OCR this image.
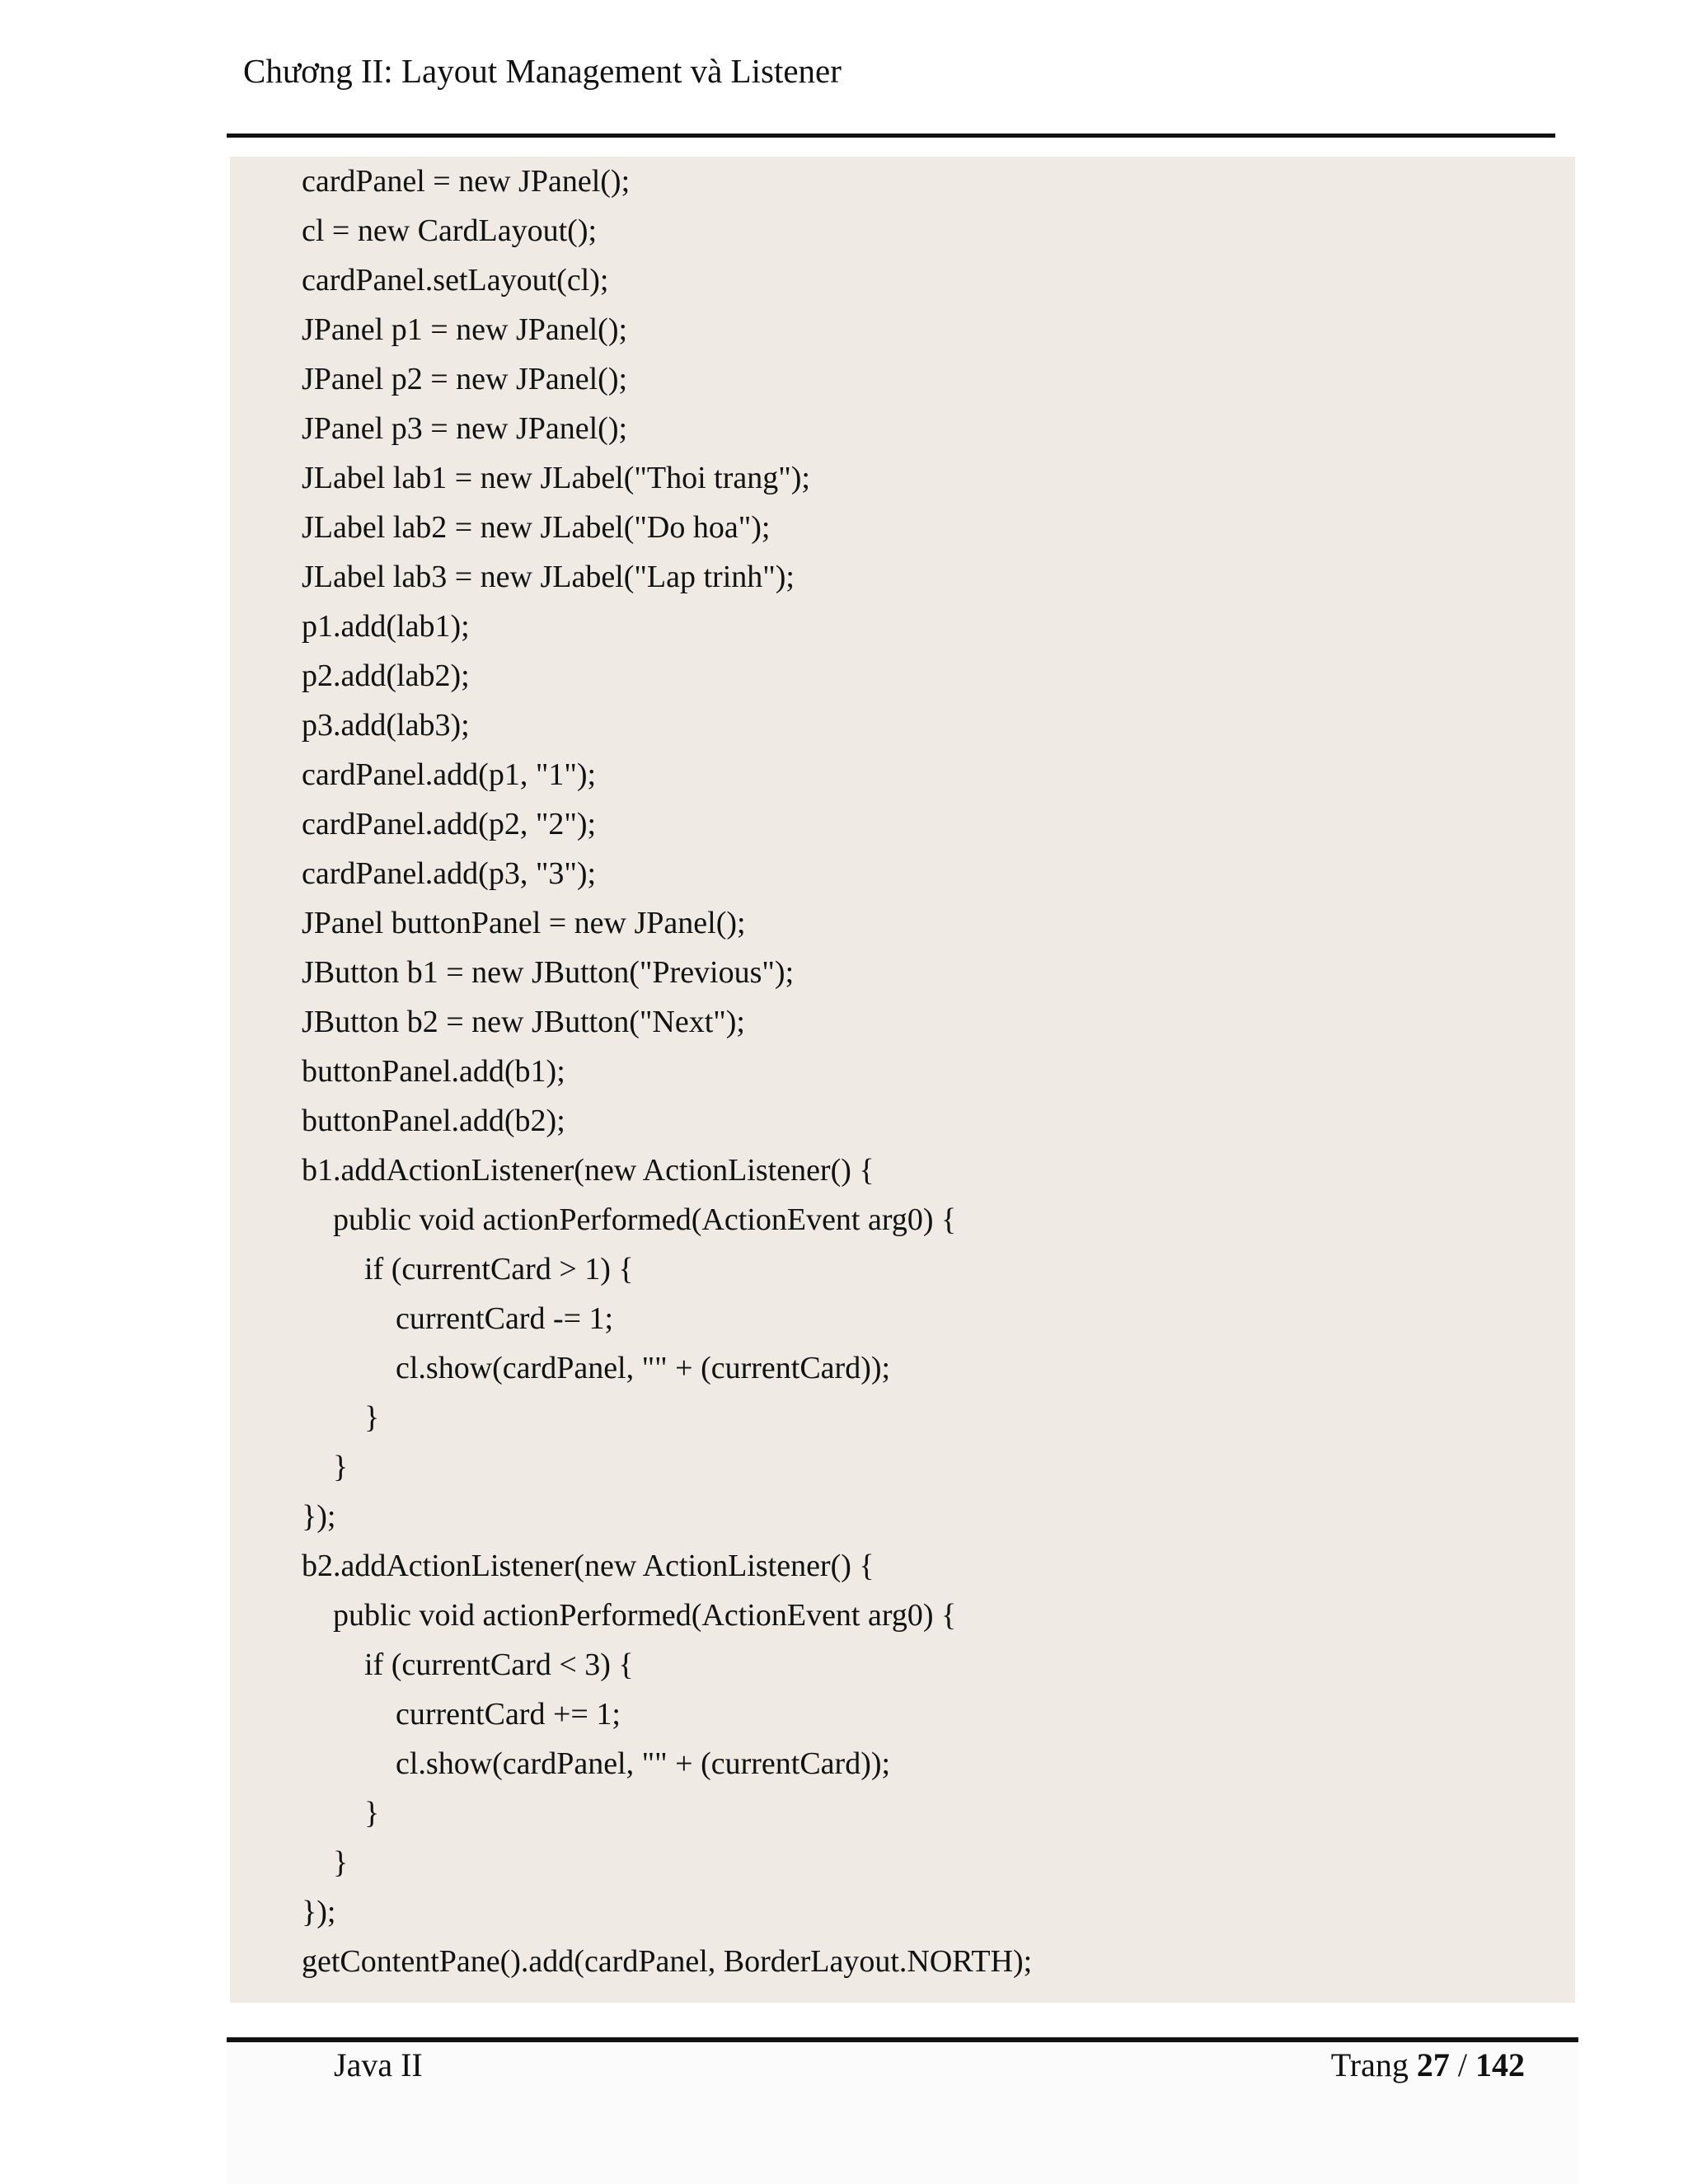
Chương II: Layout Management và Listener
cardPanel = new JPanel();
cl = new CardLayout();
cardPanel.setLayout(cl);
JPanel p1 = new JPanel();
JPanel p2 = new JPanel();
JPanel p3 = new JPanel();
JLabel lab1 = new JLabel("Thoi trang");
JLabel lab2 = new JLabel("Do hoa");
JLabel lab3 = new JLabel("Lap trinh");
p1.add(lab1);
p2.add(lab2);
p3.add(lab3);
cardPanel.add(p1, "1");
cardPanel.add(p2, "2");
cardPanel.add(p3, "3");
JPanel buttonPanel = new JPanel();
JButton b1 = new JButton("Previous");
JButton b2 = new JButton("Next");
buttonPanel.add(b1);
buttonPanel.add(b2);
b1.addActionListener(new ActionListener() {
public void actionPerformed(ActionEvent arg0) {
if (currentCard > 1) {
currentCard -= 1;
cl.show(cardPanel, "" + (currentCard));
}
}
});
b2.addActionListener(new ActionListener() {
public void actionPerformed(ActionEvent arg0) {
if (currentCard < 3) {
currentCard += 1;
cl.show(cardPanel, "" + (currentCard));
}
}
});
getContentPane().add(cardPanel, BorderLayout.NORTH);
Java II	Trang 27 / 142
